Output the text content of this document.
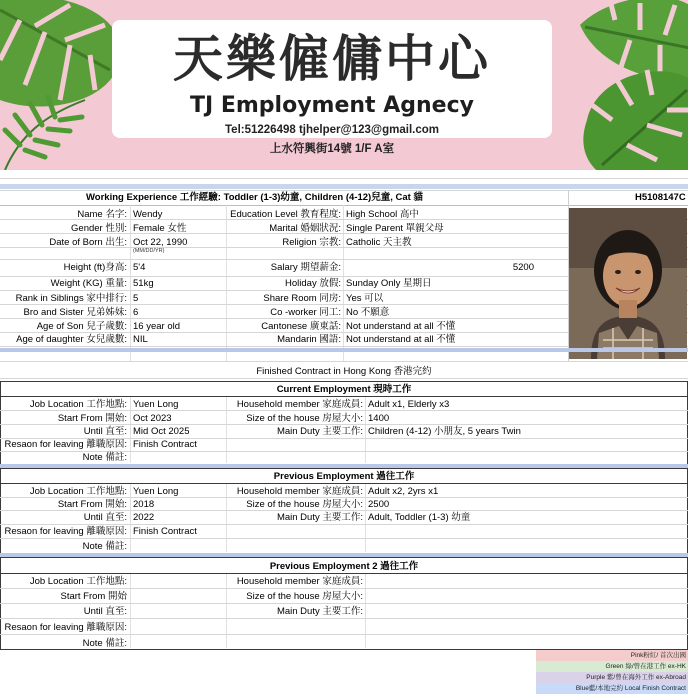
天樂僱傭中心
TJ Employment Agnecy
Tel:51226498 tjhelper@123@gmail.com
上水符興街14號 1/F A室
Working Experience 工作經驗: Toddler (1-3)幼童, Children (4-12)兒童, Cat 貓	H5108147C
Name 名字: Wendy
Gender 性別: Female 女性
Date of Born 出生: Oct 22, 1990
(MM/DD/YR)
Height (ft)身高: 5'4
Weight (KG) 重量: 51kg
Rank in Siblings 家中排行: 5
Bro and Sister 兄弟姊妹: 6
Age of Son 兒子歲數: 16 year old
Age of daughter 女兒歲數: NIL
Education Level 教育程度: High School 高中
Marital 婚姻狀況: Single Parent 單親父母
Religion 宗教: Catholic 天主教
Salary 期望薪金:	5200
Holiday 放假: Sunday Only 星期日
Share Room 同房: Yes 可以
Co -worker 同工: No 不願意
Cantonese 廣東話: Not understand at all 不懂
Mandarin 國語: Not understand at all 不懂
Finished Contract in Hong Kong 香港完約
Current Employment 現時工作
Job Location 工作地點: Yuen Long
Start From 開始: Oct 2023
Until 直至: Mid Oct 2025
Resaon for leaving 離職原因: Finish Contract
Note 備註:
Household member 家庭成員: Adult x1, Elderly x3
Size of the house 房屋大小: 1400
Main Duty 主要工作: Children (4-12) 小朋友, 5 years Twin
Previous Employment 過往工作
Job Location 工作地點: Yuen Long
Start From 開始: 2018
Until 直至: 2022
Resaon for leaving 離職原因: Finish Contract
Note 備註:
Household member 家庭成員: Adult x2, 2yrs x1
Size of the house 房屋大小: 2500
Main Duty 主要工作: Adult, Toddler (1-3) 幼童
Previous Employment 2 過往工作
Job Location 工作地點:
Start From 開始
Until 直至:
Resaon for leaving 離職原因:
Note 備註:
Household member 家庭成員:
Size of the house 房屋大小:
Main Duty 主要工作:
Pink粉紅/ 首次出國
Green 綠/曾在港工作 ex-HK
Purple 紫/曾在海外工作 ex-Abroad
Blue藍/本地完約 Local Finish Contract
